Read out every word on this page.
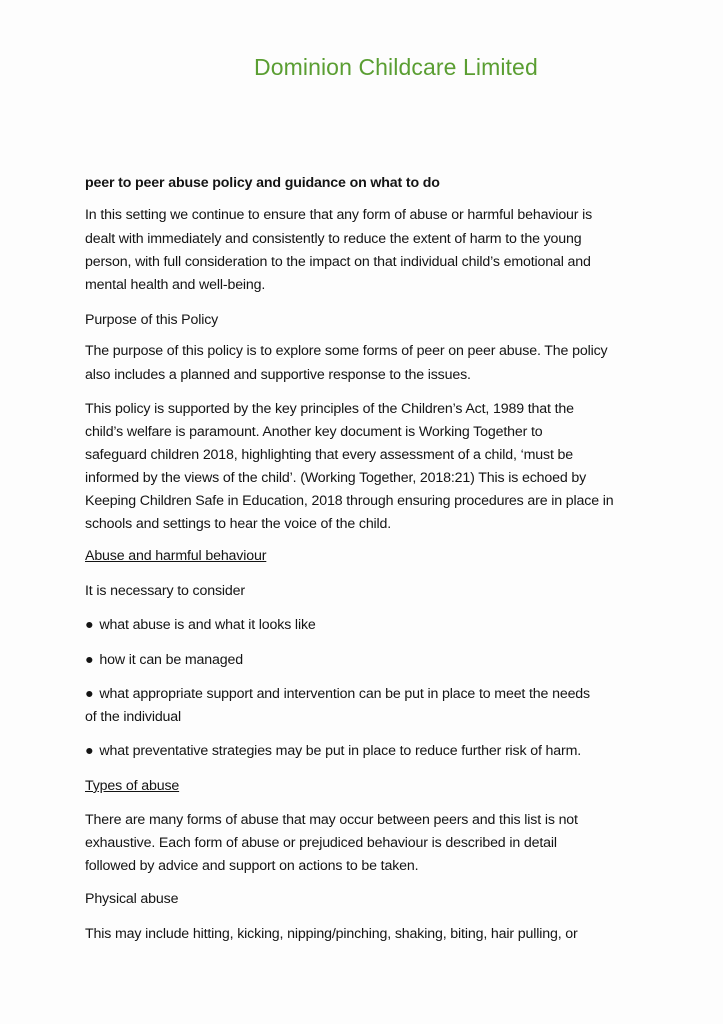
Dominion Childcare Limited
peer to peer abuse policy and guidance on what to do
In this setting we continue to ensure that any form of abuse or harmful behaviour is
dealt with immediately and consistently to reduce the extent of harm to the young
person, with full consideration to the impact on that individual child’s emotional and
mental health and well-being.
Purpose of this Policy
The purpose of this policy is to explore some forms of peer on peer abuse. The policy
also includes a planned and supportive response to the issues.
This policy is supported by the key principles of the Children’s Act, 1989 that the
child’s welfare is paramount. Another key document is Working Together to
safeguard children 2018, highlighting that every assessment of a child, ‘must be
informed by the views of the child’. (Working Together, 2018:21) This is echoed by
Keeping Children Safe in Education, 2018 through ensuring procedures are in place in
schools and settings to hear the voice of the child.
Abuse and harmful behaviour
It is necessary to consider
● what abuse is and what it looks like
● how it can be managed
● what appropriate support and intervention can be put in place to meet the needs
of the individual
● what preventative strategies may be put in place to reduce further risk of harm.
Types of abuse
There are many forms of abuse that may occur between peers and this list is not
exhaustive. Each form of abuse or prejudiced behaviour is described in detail
followed by advice and support on actions to be taken.
Physical abuse
This may include hitting, kicking, nipping/pinching, shaking, biting, hair pulling, or
